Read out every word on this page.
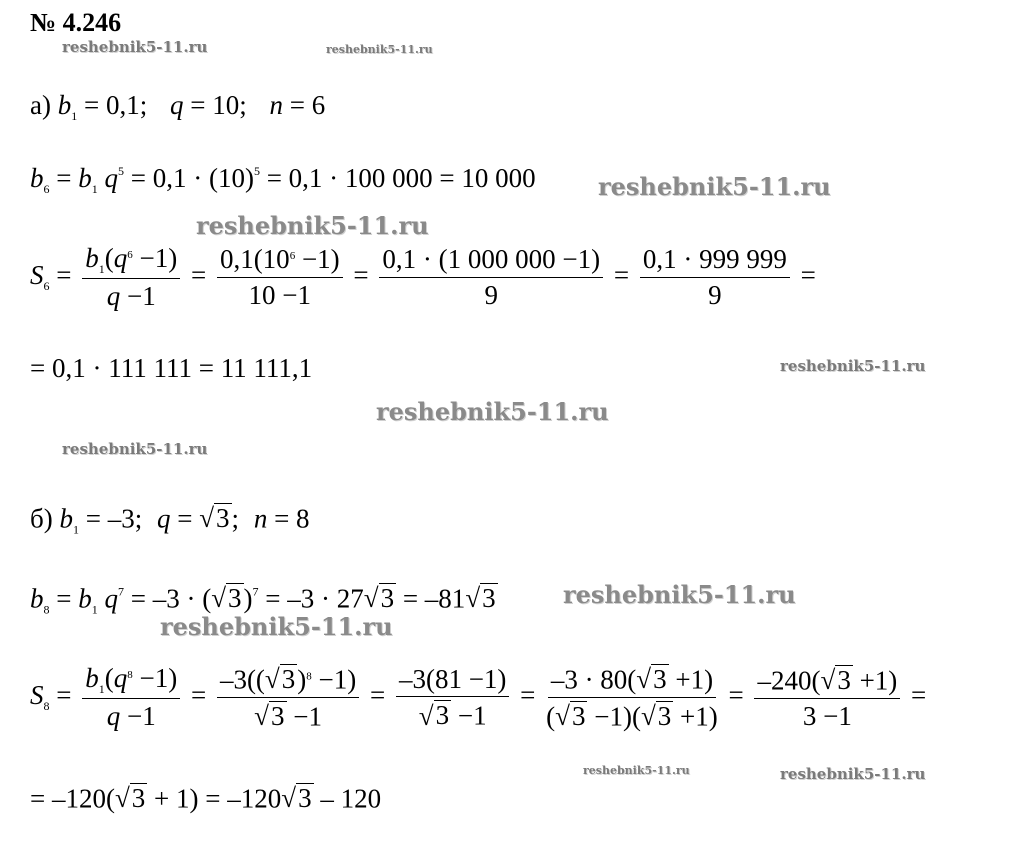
№ 4.246
reshebnik5-11.ru	reshebnik5-11.ru
reshebnik5-11.ru
reshebnik5-11.ru
reshebnik5-11.ru
reshebnik5-11.ru
reshebnik5-11.ru
reshebnik5-11.ru
reshebnik5-11.ru
reshebnik5-11.ru	reshebnik5-11.ru
а) $b_1 = 0,1$; q = 10; n = 6
$b_6 = b_1$ $q^5 = 0,1 \cdot (10)^5 = 0,1 \cdot 100$ 000 = 10 000
$S_6 = \frac{b_1(q^6 -1)}{q -1} = \frac{0,1(10^6 -1)}{10 -1} = \frac{0,1 \cdot (1 000 000 -1)}{9} = \frac{0,1 \cdot 999 999}{9}$ =
= 0,1 · 111 111 = 11 111,1
б) $b_1 = -3$; q = √ 3 ; n = 8
$b_8 = b_1$ $q^7 = -3$ · ( √ 3 )$^7$ = –3 · 27 √ 3 = –81 √ 3
$S_8 = \frac{b_1(q^8 -1)}{q -1} = \frac{-3(( √ 3 )^8 -1)}{√ 3 -1} = \frac{-3(81 -1)}{√ 3 -1} = \frac{-3 \cdot 80( √ 3 +1)}{( √ 3 -1)( √ 3 +1)} = \frac{-240( √ 3 +1)}{3 -1}$ =
= –120( √ 3 + 1) = –120 √ 3 – 120
